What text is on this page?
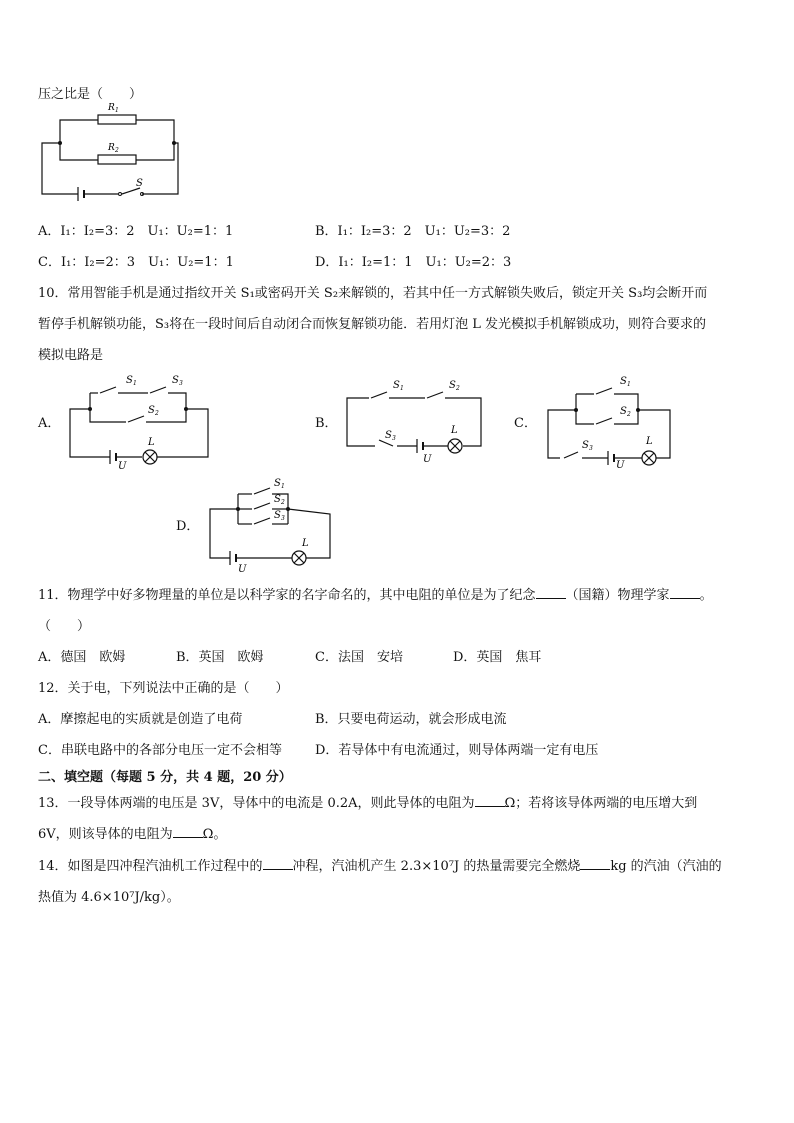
压之比是（　　）
R 1
R 2
S
A．I₁：I₂=3：2　U₁：U₂=1：1	B．I₁：I₂=3：2　U₁：U₂=3：2
C．I₁：I₂=2：3　U₁：U₂=1：1	D．I₁：I₂=1：1　U₁：U₂=2：3
10．常用智能手机是通过指纹开关 S₁或密码开关 S₂来解锁的，若其中任一方式解锁失败后，锁定开关 S₃均会断开而
暂停手机解锁功能，S₃将在一段时间后自动闭合而恢复解锁功能．若用灯泡 L 发光模拟手机解锁成功，则符合要求的
模拟电路是
A．
S 1	S 3
S 2
L
U
B．
S 1	S 2
S 3
L
U
C．
S 1
S 2
S 3
L
U
D．
S 1
S 2
S 3
L
U
11．物理学中好多物理量的单位是以科学家的名字命名的，其中电阻的单位是为了纪念 （国籍）物理学家 。
（　　）
A．德国　欧姆	B．英国　欧姆	C．法国　安培	D．英国　焦耳
12．关于电，下列说法中正确的是（　　）
A．摩擦起电的实质就是创造了电荷	B．只要电荷运动，就会形成电流
C．串联电路中的各部分电压一定不会相等	D．若导体中有电流通过，则导体两端一定有电压
二、填空题（每题 5 分，共 4 题，20 分）
13．一段导体两端的电压是 3V，导体中的电流是 0.2A，则此导体的电阻为 Ω；若将该导体两端的电压增大到
6V，则该导体的电阻为 Ω。
14．如图是四冲程汽油机工作过程中的 冲程，汽油机产生 2.3×10⁷J 的热量需要完全燃烧 kg 的汽油（汽油的
热值为 4.6×10⁷J/kg）。
